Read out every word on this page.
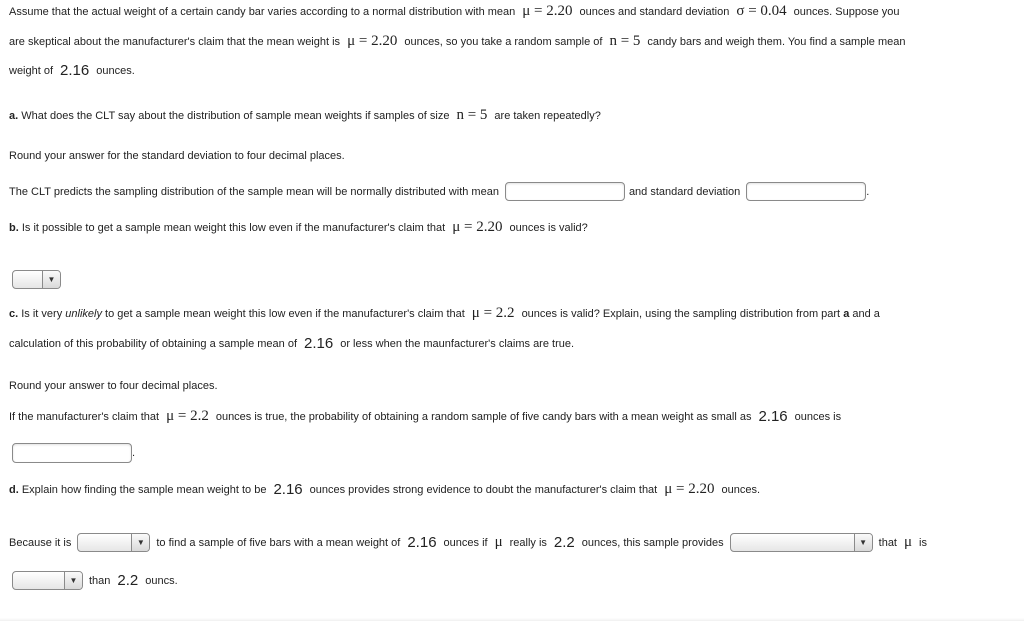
Assume that the actual weight of a certain candy bar varies according to a normal distribution with mean μ = 2.20 ounces and standard deviation σ = 0.04 ounces. Suppose you
are skeptical about the manufacturer's claim that the mean weight is μ = 2.20 ounces, so you take a random sample of n = 5 candy bars and weigh them. You find a sample mean
weight of 2.16 ounces.
a.
What does the CLT say about the distribution of sample mean weights if samples of size n = 5 are taken repeatedly?
Round your answer for the standard deviation to four decimal places.
The CLT predicts the sampling distribution of the sample mean will be normally distributed with mean	and standard deviation	.
b.
Is it possible to get a sample mean weight this low even if the manufacturer's claim that μ = 2.20 ounces is valid?
▼
c.
Is it very
unlikely
to get a sample mean weight this low even if the manufacturer's claim that μ = 2.2 ounces is valid? Explain, using the sampling distribution from part
a
and a
calculation of this probability of obtaining a sample mean of 2.16 or less when the maunfacturer's claims are true.
Round your answer to four decimal places.
If the manufacturer's claim that μ = 2.2 ounces is true, the probability of obtaining a random sample of five candy bars with a mean weight as small as 2.16 ounces is
.
d.
Explain how finding the sample mean weight to be 2.16 ounces provides strong evidence to doubt the manufacturer's claim that μ = 2.20 ounces.
Because it is	▼	to find a sample of five bars with a mean weight of 2.16 ounces if μ really is 2.2 ounces, this sample provides	▼	that μ is
▼	than 2.2 ouncs.
